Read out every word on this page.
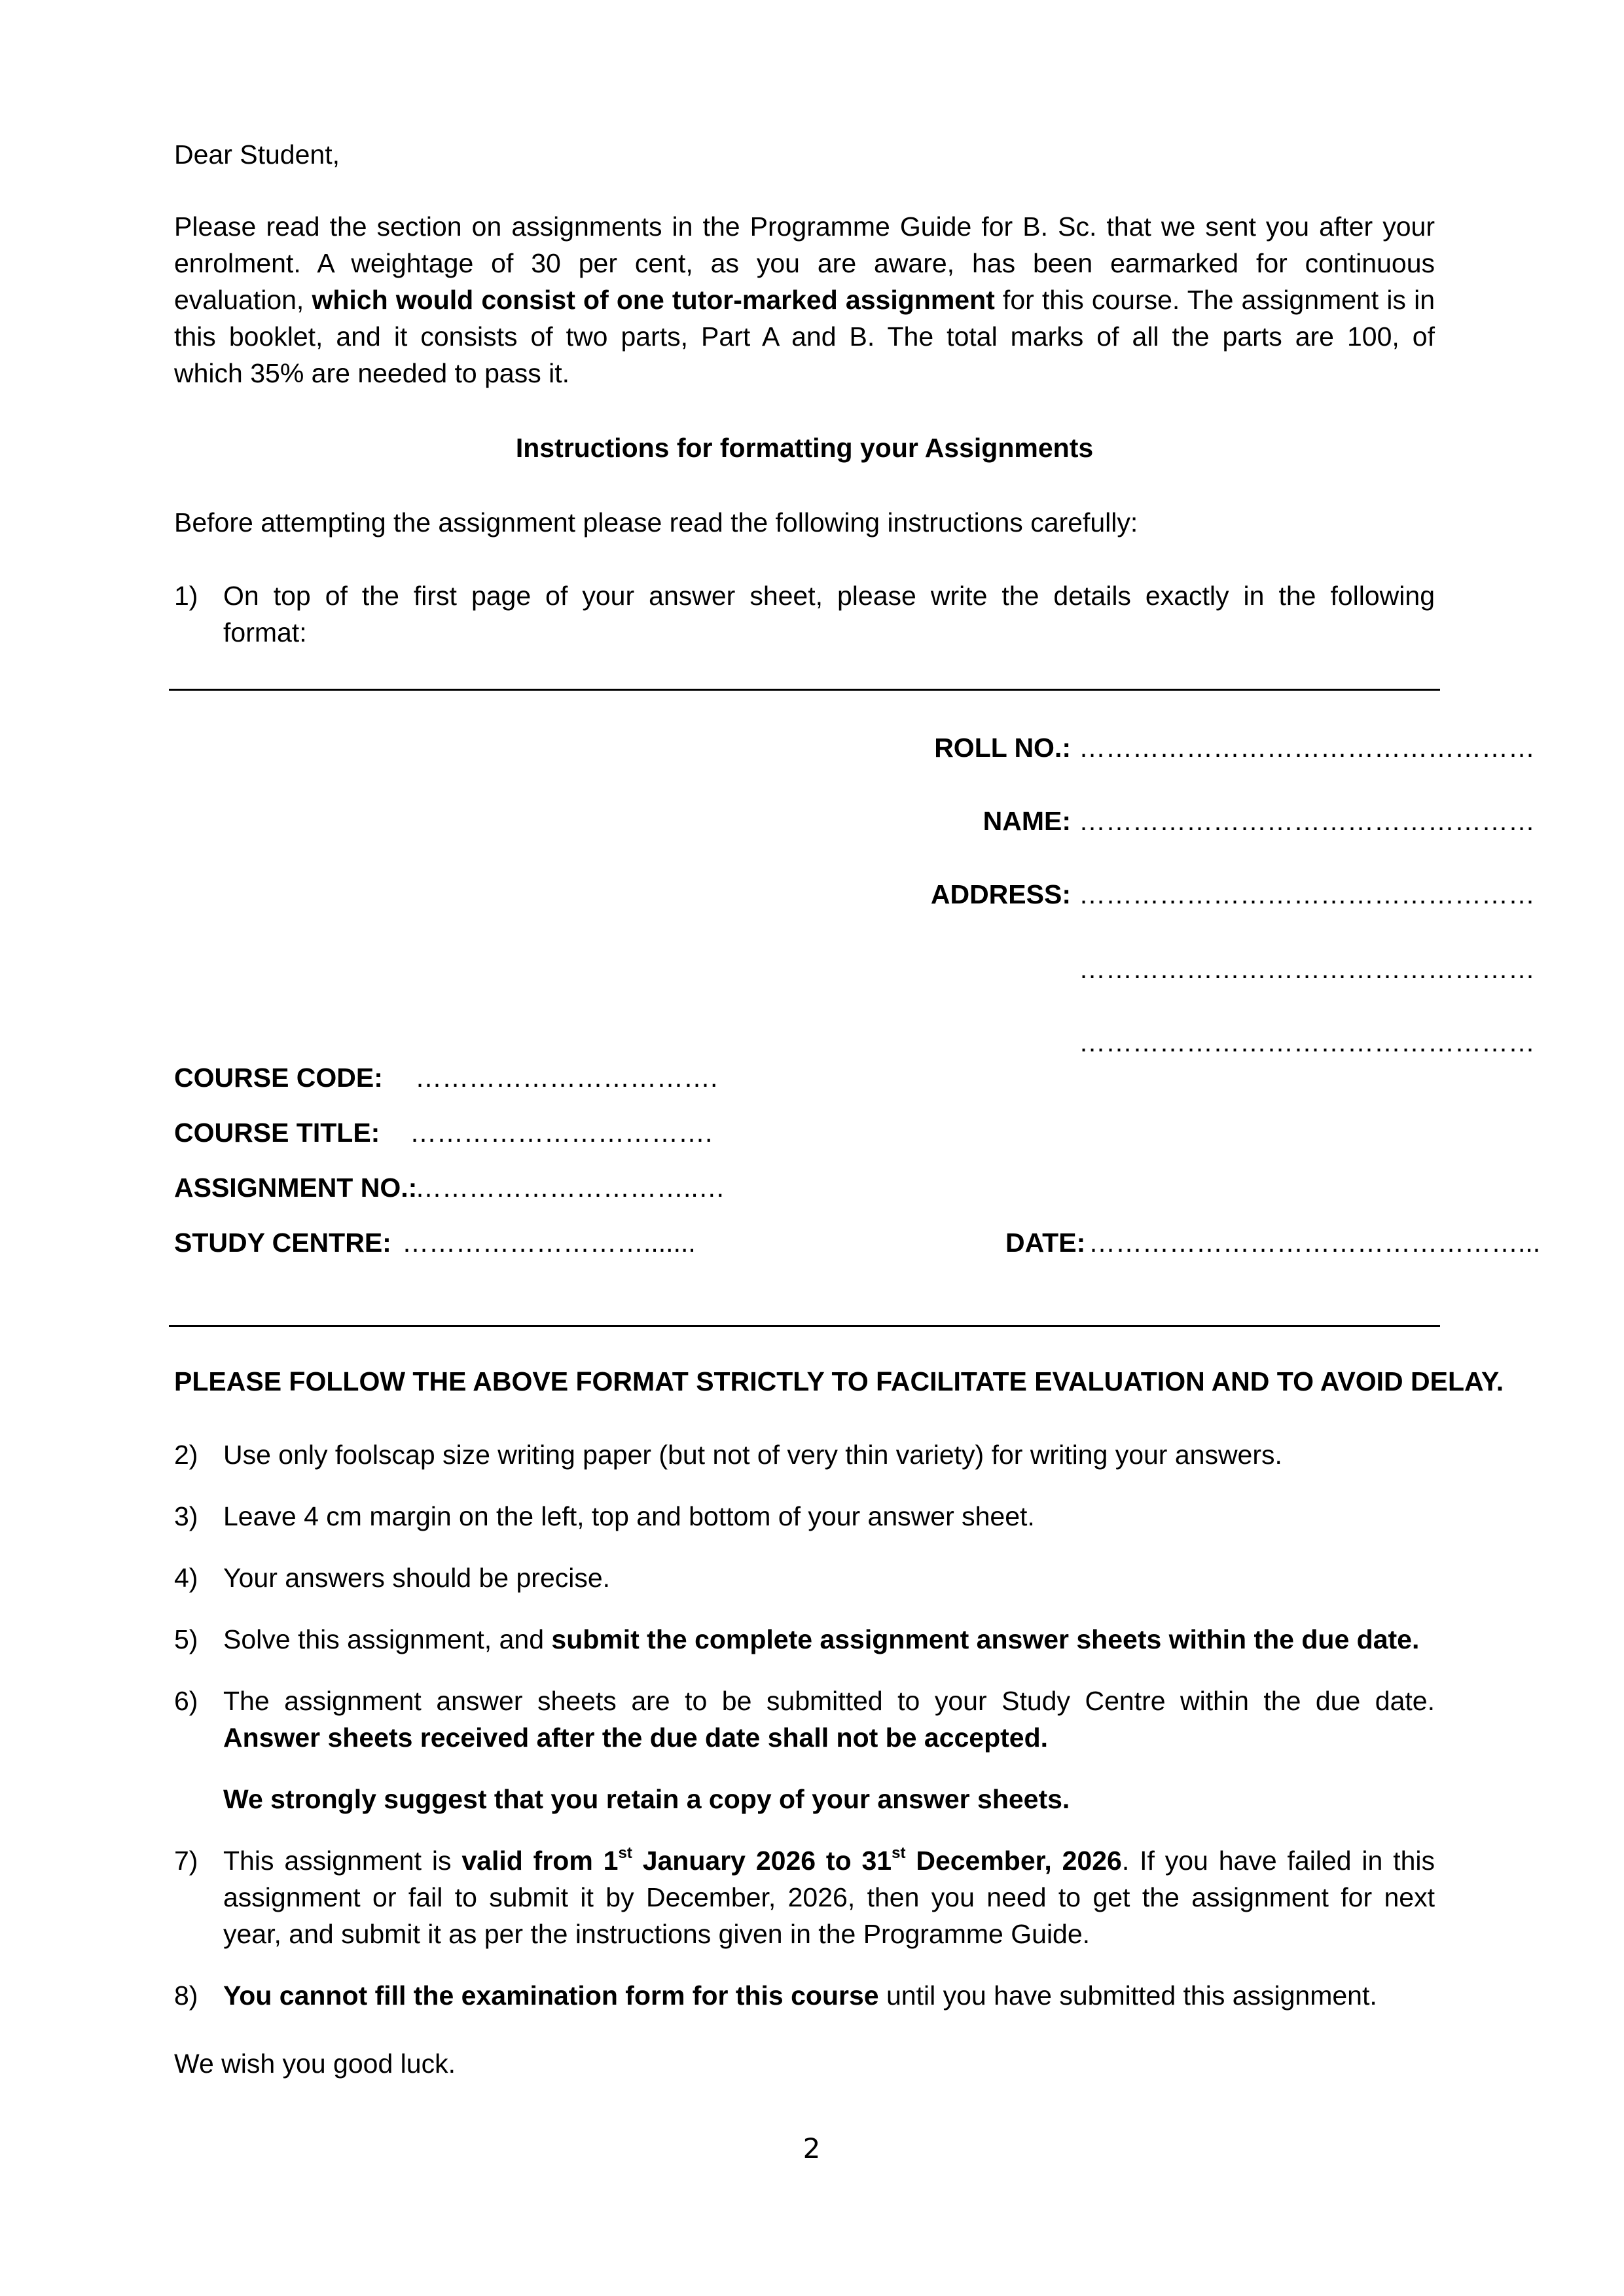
Dear Student,
Please read the section on assignments in the Programme Guide for B. Sc. that we sent you after your
enrolment. A weightage of 30 per cent, as you are aware, has been earmarked for continuous
evaluation, which would consist of one tutor-marked assignment for this course. The assignment is in
this booklet, and it consists of two parts, Part A and B. The total marks of all the parts are 100, of
which 35% are needed to pass it.
Instructions for formatting your Assignments
Before attempting the assignment please read the following instructions carefully:
1) On top of the first page of your answer sheet, please write the details exactly in the following
format:
ROLL NO.: ……………………………………………
NAME: ……………………………………………
ADDRESS: ……………………………………………
……………………………………………
……………………………………………
COURSE CODE: …………………………….
COURSE TITLE: …………………………….
ASSIGNMENT NO.:
…………………………..…
STUDY CENTRE: ……………………….......	DATE: …………………………………………...
PLEASE FOLLOW THE ABOVE FORMAT STRICTLY TO FACILITATE EVALUATION AND TO AVOID DELAY.
2) Use only foolscap size writing paper (but not of very thin variety) for writing your answers.
3) Leave 4 cm margin on the left, top and bottom of your answer sheet.
4) Your answers should be precise.
5) Solve this assignment, and submit the complete assignment answer sheets within the due date.
6) The assignment answer sheets are to be submitted to your Study Centre within the due date.
Answer sheets received after the due date shall not be accepted.
We strongly suggest that you retain a copy of your answer sheets.
7) This assignment is valid from 1st January 2026 to 31st December, 2026. If you have failed in this
assignment or fail to submit it by December, 2026, then you need to get the assignment for next
year, and submit it as per the instructions given in the Programme Guide.
8) You cannot fill the examination form for this course until you have submitted this assignment.
We wish you good luck.
2
